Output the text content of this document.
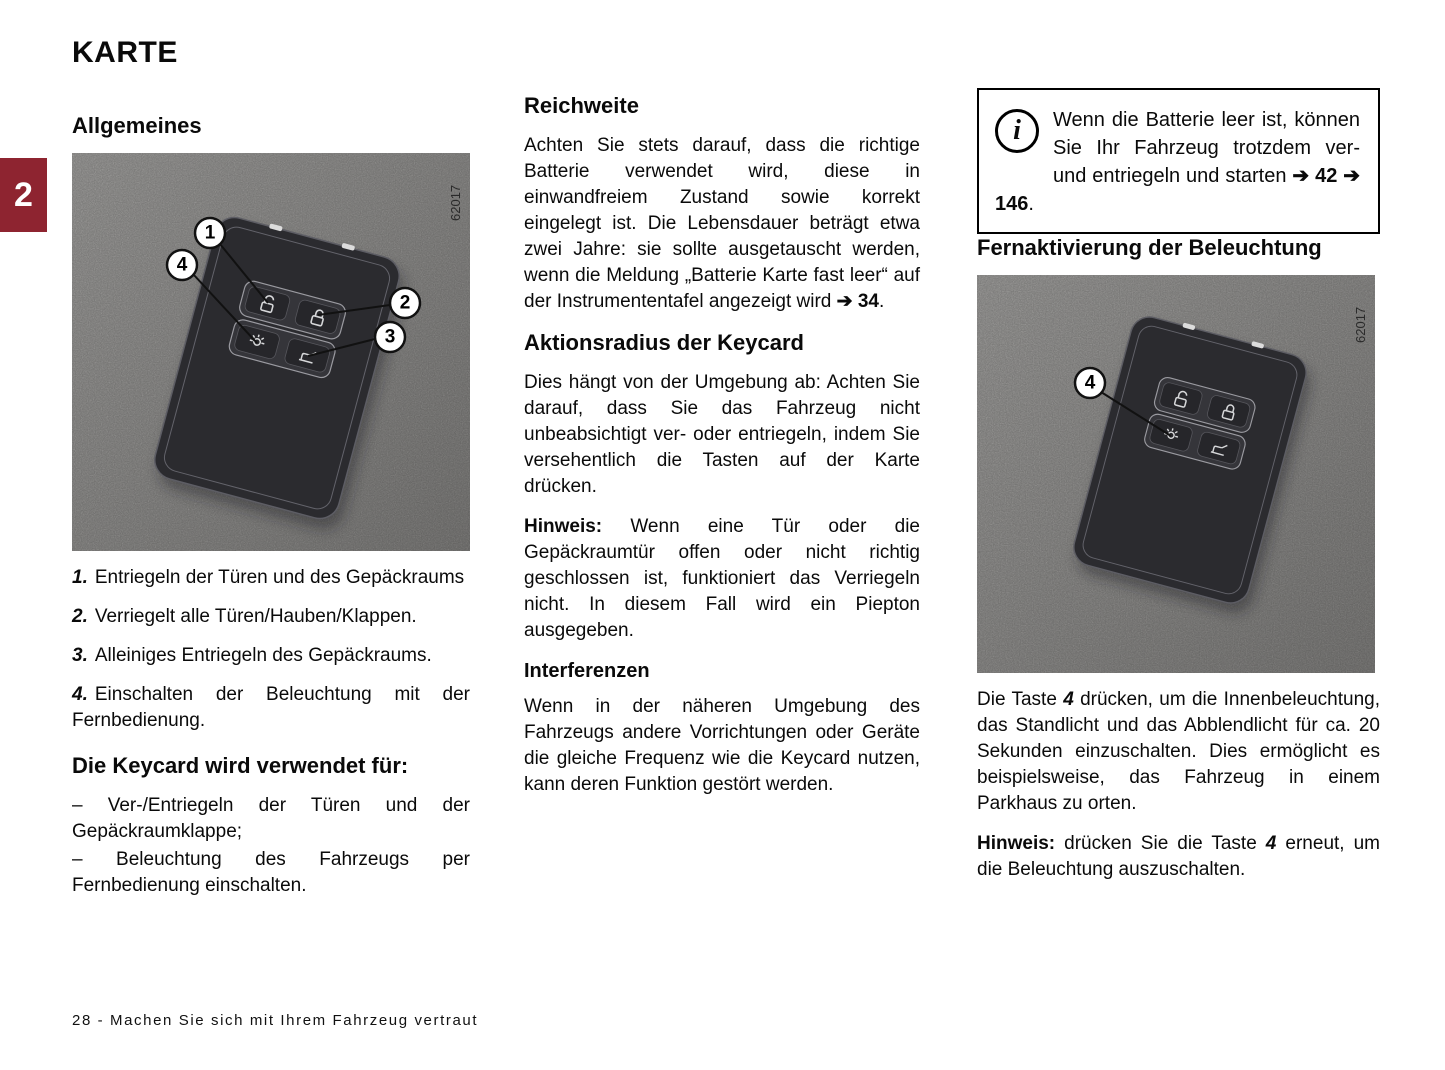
KARTE
2
Allgemeines
1
4
2
3
62017

1. Entriegeln der Türen und des Gepäckraums

2. Verriegelt alle Türen/Hauben/Klappen.

3. Alleiniges Entriegeln des Gepäckraums.

4. Einschalten der Beleuchtung mit der Fernbedienung.

Die Keycard wird verwendet für:

– Ver-/Entriegeln der Türen und der Gepäckraumklappe;

– Beleuchtung des Fahrzeugs per Fernbedienung einschalten.

Reichweite

Achten Sie stets darauf, dass die richtige Batterie verwendet wird, diese in einwandfreiem Zustand sowie korrekt eingelegt ist. Die Lebensdauer beträgt etwa zwei Jahre: sie sollte ausgetauscht werden, wenn die Meldung „Batterie Karte fast leer“ auf der Instrumententafel angezeigt wird ➔ 34.

Aktionsradius der Keycard

Dies hängt von der Umgebung ab: Achten Sie darauf, dass Sie das Fahrzeug nicht unbeabsichtigt ver- oder entriegeln, indem Sie versehentlich die Tasten auf der Karte drücken.

Hinweis: Wenn eine Tür oder die Gepäckraumtür offen oder nicht richtig geschlossen ist, funktioniert das Verriegeln nicht. In diesem Fall wird ein Piepton ausgegeben.

Interferenzen

Wenn in der näheren Umgebung des Fahrzeugs andere Vorrichtungen oder Geräte die gleiche Frequenz wie die Keycard nutzen, kann deren Funktion gestört werden.

i	Wenn die Batterie leer ist, können Sie Ihr Fahrzeug trotzdem ver- und entriegeln und starten ➔ 42 ➔ 146.
Fernaktivierung der Beleuchtung
4
62017

Die Taste 4 drücken, um die Innenbeleuchtung, das Standlicht und das Abblendlicht für ca. 20 Sekunden einzuschalten. Dies ermöglicht es beispielsweise, das Fahrzeug in einem Parkhaus zu orten.

Hinweis: drücken Sie die Taste 4 erneut, um die Beleuchtung auszuschalten.

28 - Machen Sie sich mit Ihrem Fahrzeug vertraut
